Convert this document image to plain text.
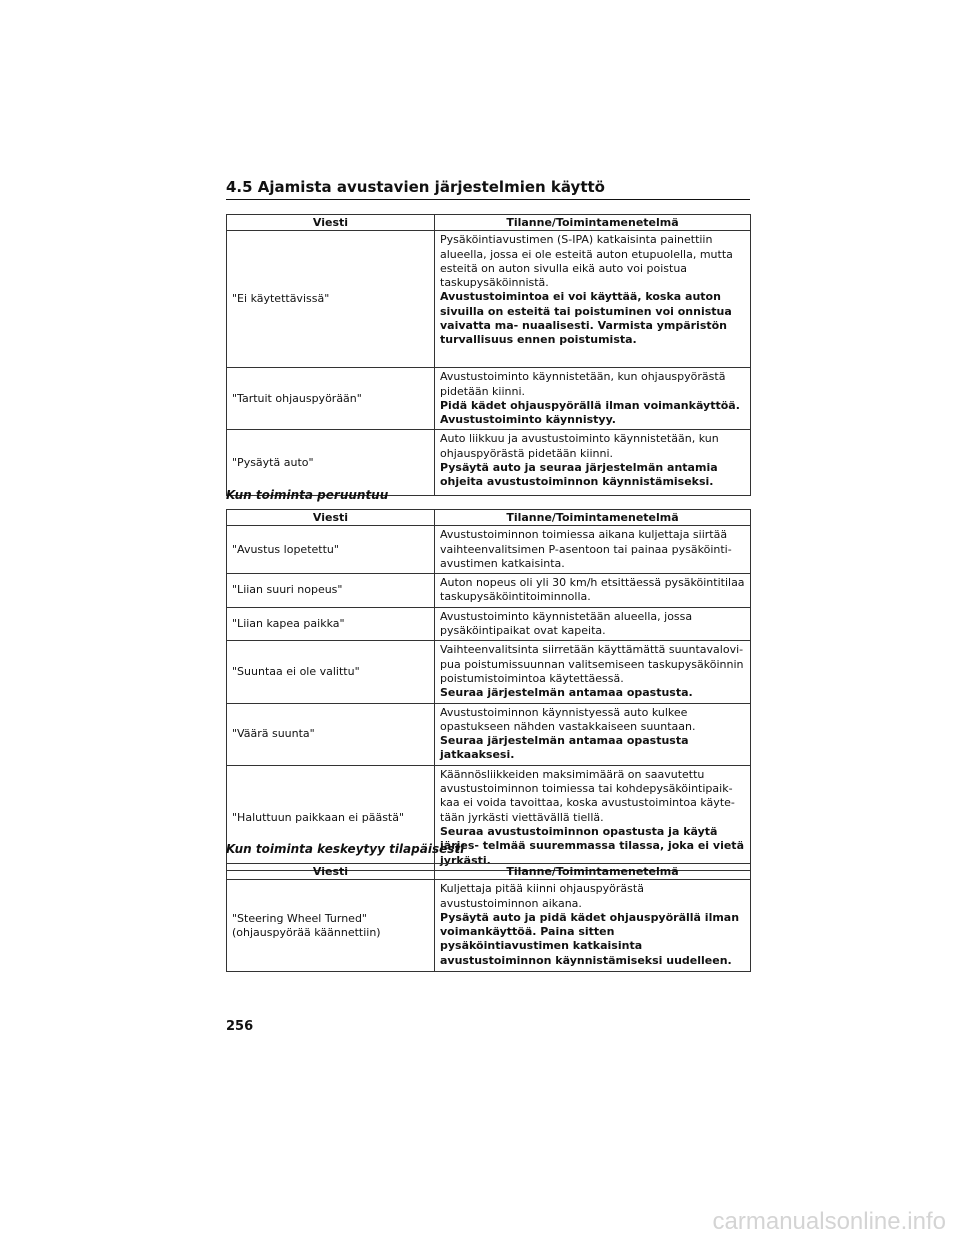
4.5 Ajamista avustavien järjestelmien käyttö
Viesti	Tilanne/Toimintamenetelmä
"Ei käytettävissä"	Pysäköintiavustimen (S-IPA) katkaisinta painettiin alueella, jossa ei ole esteitä auton etupuolella, mutta esteitä on auton sivulla eikä auto voi poistua taskupysäköinnistä.
Avustustoimintoa ei voi käyttää, koska auton sivuilla on esteitä tai poistuminen voi onnistua vaivatta ma- nuaalisesti. Varmista ympäristön turvallisuus ennen poistumista.

"Tartuit ohjauspyörään"	Avustustoiminto käynnistetään, kun ohjauspyörästä pidetään kiinni.
Pidä kädet ohjauspyörällä ilman voimankäyttöä. Avustustoiminto käynnistyy.

"Pysäytä auto"	Auto liikkuu ja avustustoiminto käynnistetään, kun ohjauspyörästä pidetään kiinni.
Pysäytä auto ja seuraa järjestelmän antamia ohjeita avustustoiminnon käynnistämiseksi.
Kun toiminta peruuntuu
Viesti	Tilanne/Toimintamenetelmä
"Avustus lopetettu"	Avustustoiminnon toimiessa aikana kuljettaja siirtää vaihteenvalitsimen P-asentoon tai painaa pysäköinti- avustimen katkaisinta.
"Liian suuri nopeus"	Auton nopeus oli yli 30 km/h etsittäessä pysäköintitilaa taskupysäköintitoiminnolla.
"Liian kapea paikka"	Avustustoiminto käynnistetään alueella, jossa pysäköintipaikat ovat kapeita.
"Suuntaa ei ole valittu"	Vaihteenvalitsinta siirretään käyttämättä suuntavalovi- pua poistumissuunnan valitsemiseen taskupysäköinnin poistumistoimintoa käytettäessä.
Seuraa järjestelmän antamaa opastusta.

"Väärä suunta"	Avustustoiminnon käynnistyessä auto kulkee opastukseen nähden vastakkaiseen suuntaan.
Seuraa järjestelmän antamaa opastusta jatkaaksesi.

"Haluttuun paikkaan ei päästä"	Käännösliikkeiden maksimimäärä on saavutettu avustustoiminnon toimiessa tai kohdepysäköintipaik- kaa ei voida tavoittaa, koska avustustoimintoa käyte- tään jyrkästi viettävällä tiellä.
Seuraa avustustoiminnon opastusta ja käytä järjes- telmää suuremmassa tilassa, joka ei vietä jyrkästi.
Kun toiminta keskeytyy tilapäisesti
Viesti	Tilanne/Toimintamenetelmä

"Steering Wheel Turned"
(ohjauspyörää käännettiin)	Kuljettaja pitää kiinni ohjauspyörästä avustustoiminnon aikana.
Pysäytä auto ja pidä kädet ohjauspyörällä ilman voimankäyttöä. Paina sitten pysäköintiavustimen katkaisinta avustustoiminnon käynnistämiseksi uudelleen.
256
carmanualsonline.info
